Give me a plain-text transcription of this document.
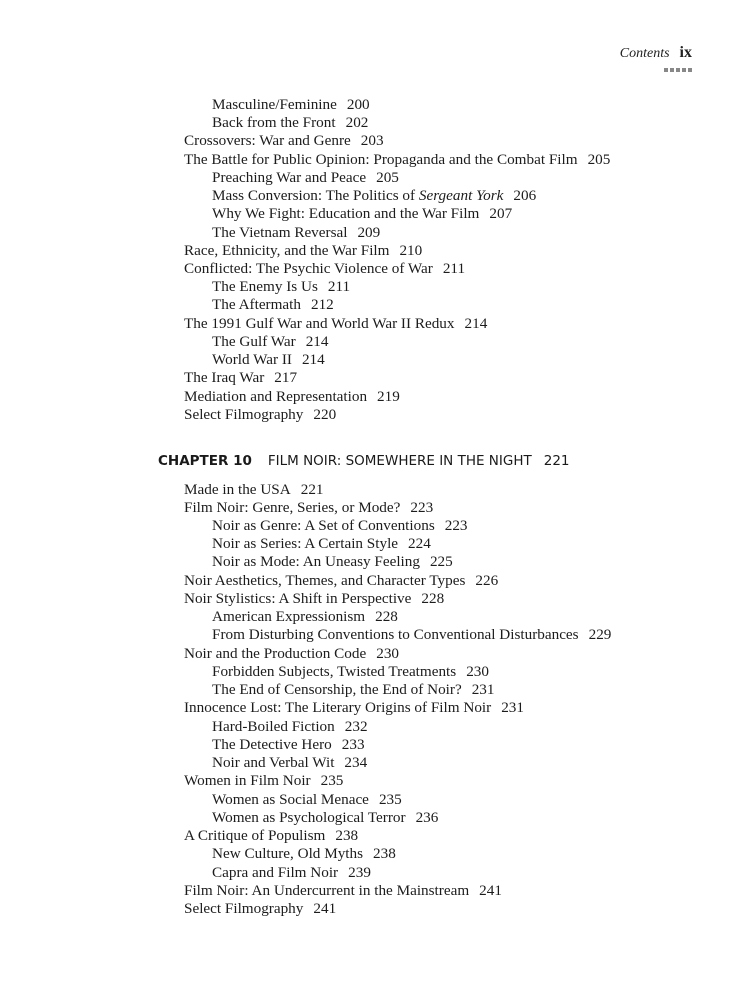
Contents ix
CHAPTER 10 FILM NOIR: SOMEWHERE IN THE NIGHT 221
Masculine/Feminine 200
Back from the Front 202
Crossovers: War and Genre 203
The Battle for Public Opinion: Propaganda and the Combat Film 205
Preaching War and Peace 205
Mass Conversion: The Politics of Sergeant York 206
Why We Fight: Education and the War Film 207
The Vietnam Reversal 209
Race, Ethnicity, and the War Film 210
Conflicted: The Psychic Violence of War 211
The Enemy Is Us 211
The Aftermath 212
The 1991 Gulf War and World War II Redux 214
The Gulf War 214
World War II 214
The Iraq War 217
Mediation and Representation 219
Select Filmography 220
Made in the USA 221
Film Noir: Genre, Series, or Mode? 223
Noir as Genre: A Set of Conventions 223
Noir as Series: A Certain Style 224
Noir as Mode: An Uneasy Feeling 225
Noir Aesthetics, Themes, and Character Types 226
Noir Stylistics: A Shift in Perspective 228
American Expressionism 228
From Disturbing Conventions to Conventional Disturbances 229
Noir and the Production Code 230
Forbidden Subjects, Twisted Treatments 230
The End of Censorship, the End of Noir? 231
Innocence Lost: The Literary Origins of Film Noir 231
Hard-Boiled Fiction 232
The Detective Hero 233
Noir and Verbal Wit 234
Women in Film Noir 235
Women as Social Menace 235
Women as Psychological Terror 236
A Critique of Populism 238
New Culture, Old Myths 238
Capra and Film Noir 239
Film Noir: An Undercurrent in the Mainstream 241
Select Filmography 241
